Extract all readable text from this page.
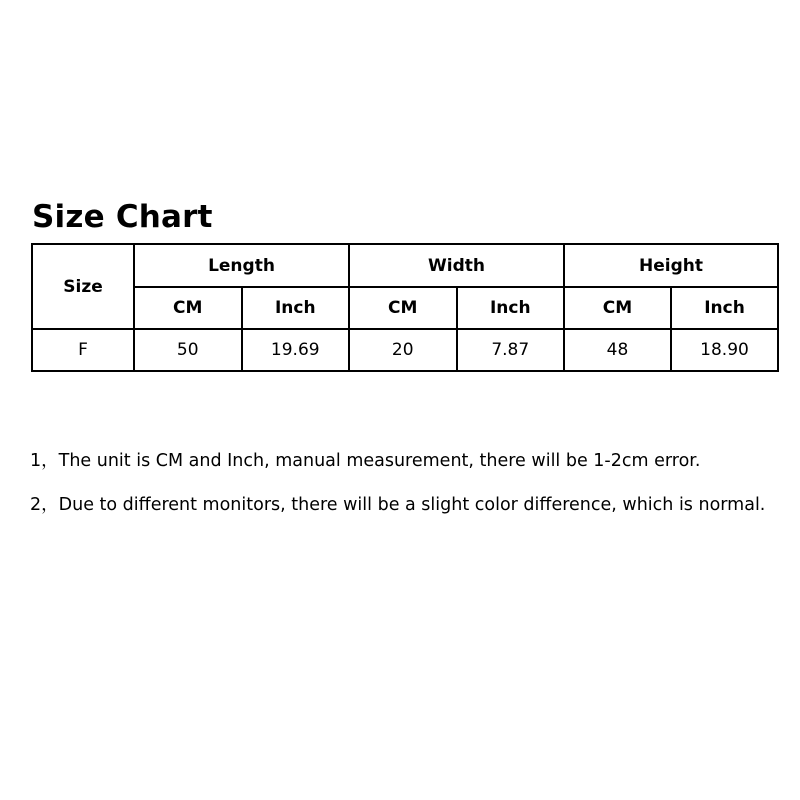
Size Chart
Size	Length		Width		Height	
	CM	Inch	CM	Inch	CM	Inch
F	50	19.69	20	7.87	48	18.90
1，The unit is CM and Inch, manual measurement, there will be 1-2cm error.
2，Due to different monitors, there will be a slight color difference, which is normal.
